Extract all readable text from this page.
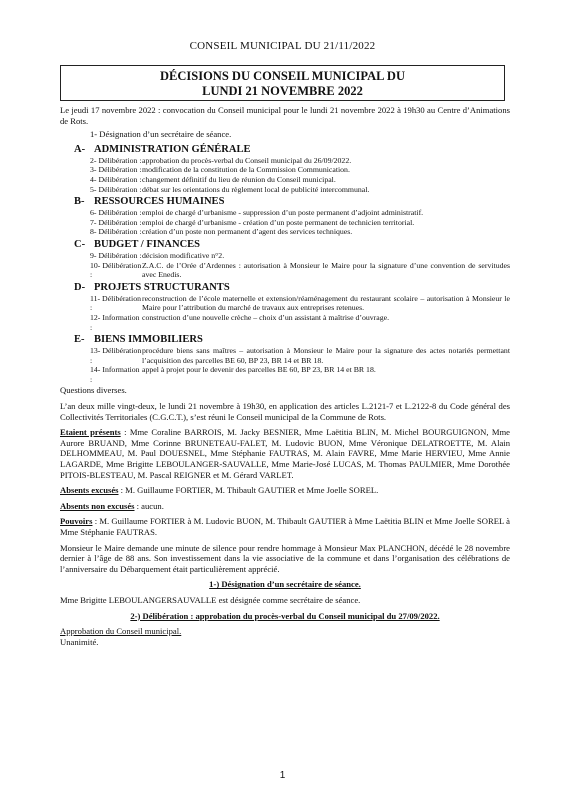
CONSEIL MUNICIPAL DU 21/11/2022
DÉCISIONS DU CONSEIL MUNICIPAL DU
LUNDI 21 NOVEMBRE 2022

Le jeudi 17 novembre 2022 : convocation du Conseil municipal pour le lundi 21 novembre 2022 à 19h30 au Centre d’Animations de Rots.

1- Désignation d’un secrétaire de séance.

A- ADMINISTRATION GÉNÉRALE
2- Délibération : approbation du procès-verbal du Conseil municipal du 26/09/2022.
3- Délibération : modification de la constitution de la Commission Communication.
4- Délibération : changement définitif du lieu de réunion du Conseil municipal.
5- Délibération : débat sur les orientations du règlement local de publicité intercommunal.
B- RESSOURCES HUMAINES
6- Délibération : emploi de chargé d’urbanisme - suppression d’un poste permanent d’adjoint administratif.
7- Délibération : emploi de chargé d’urbanisme - création d’un poste permanent de technicien territorial.
8- Délibération : création d’un poste non permanent d’agent des services techniques.
C- BUDGET / FINANCES
9- Délibération : décision modificative n°2.
10- Délibération :
Z.A.C. de l’Orée d’Ardennes : autorisation à Monsieur le Maire pour la signature d’une convention de servitudes avec Enedis.
D- PROJETS STRUCTURANTS
11- Délibération :
reconstruction de l’école maternelle et extension/réaménagement du restaurant scolaire – autorisation à Monsieur le Maire pour l’attribution du marché de travaux aux entreprises retenues.
12- Information :
construction d’une nouvelle crèche – choix d’un assistant à maîtrise d’ouvrage.
E- BIENS IMMOBILIERS
13- Délibération :
procédure biens sans maîtres – autorisation à Monsieur le Maire pour la signature des actes notariés permettant l’acquisition des parcelles BE 60, BP 23, BR 14 et BR 18.
14- Information :
appel à projet pour le devenir des parcelles BE 60, BP 23, BR 14 et BR 18.

Questions diverses.

L’an deux mille vingt-deux, le lundi 21 novembre à 19h30, en application des articles L.2121-7 et L.2122-8 du Code général des Collectivités Territoriales (C.G.C.T.), s’est réuni le Conseil municipal de la Commune de Rots.

Etaient présents : Mme Coraline BARROIS, M. Jacky BESNIER, Mme Laëtitia BLIN, M. Michel BOURGUIGNON, Mme Aurore BRUAND, Mme Corinne BRUNETEAU-FALET, M. Ludovic BUON, Mme Véronique DELATROETTE, M. Alain DELHOMMEAU, M. Paul DOUESNEL, Mme Stéphanie FAUTRAS, M. Alain FAVRE, Mme Marie HERVIEU, Mme Annie LAGARDE, Mme Brigitte LEBOULANGER-SAUVALLE, Mme Marie-José LUCAS, M. Thomas PAULMIER, Mme Dorothée PITOIS-BLESTEAU, M. Pascal REIGNER et M. Gérard VARLET.

Absents excusés : M. Guillaume FORTIER, M. Thibault GAUTIER et Mme Joelle SOREL.

Absents non excusés : aucun.

Pouvoirs : M. Guillaume FORTIER à M. Ludovic BUON, M. Thibault GAUTIER à Mme Laëtitia BLIN et Mme Joelle SOREL à Mme Stéphanie FAUTRAS.

Monsieur le Maire demande une minute de silence pour rendre hommage à Monsieur Max PLANCHON, décédé le 28 novembre dernier à l’âge de 88 ans. Son investissement dans la vie associative de la commune et dans l’organisation des célébrations de l’anniversaire du Débarquement était particulièrement apprécié.

1-) Désignation d’un secrétaire de séance.

Mme Brigitte LEBOULANGERSAUVALLE est désignée comme secrétaire de séance.

2-) Délibération : approbation du procès-verbal du Conseil municipal du 27/09/2022.

Approbation du Conseil municipal.

Unanimité.

1
